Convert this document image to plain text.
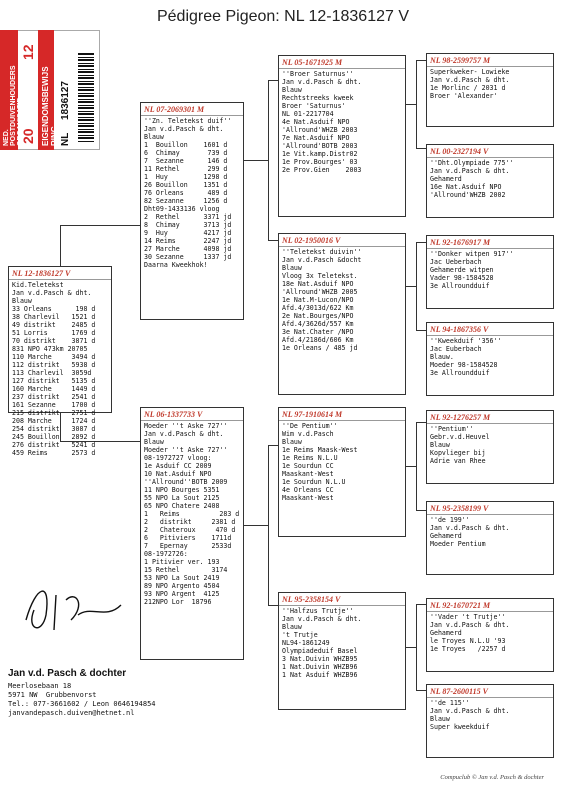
Pédigree Pigeon: NL 12-1836127 V
NED. POSTDUIVENHOUDERS ORGANISATIE EIGENDOMSBEWIJS RING
20
12
NL
1836127
NL 12-1836127 V
Kid.Teletekst
Jan v.d.Pasch & dht.
Blauw
33 Orleans      198 d
38 Charlevil   1521 d
49 distrikt    2485 d
51 Lorris      1769 d
70 distrikt    3871 d
831 NPO 473km 20705
110 Marche     3494 d
112 distrikt   5938 d
113 Charlevil  3059d
127 distrikt   5135 d
160 Marche     1449 d
237 distrikt   2541 d
161 Sezanne    1700 d
215 distrikt   2751 d
208 Marche     1724 d
254 distrikt   3087 d
245 Bouillon   2892 d
276 distrikt   5241 d
459 Reims      2573 d
NL 07-2069301 M
''Zn. Teletekst duif''
Jan v.d.Pasch & dht.
Blauw
1  Bouillon    1601 d
6  Chimay       739 d
7  Sezanne      146 d
11 Rethel       299 d
1  Huy         1298 d
26 Bouillon    1351 d
76 Orleans      489 d
82 Sezanne     1256 d
Dht09-1433136 vloog
2  Rethel      3371 jd
8  Chimay      3713 jd
9  Huy         4217 jd
14 Reims       2247 jd
27 Marche      4098 jd
30 Sezanne     1337 jd
Daarna Kweekhok!
NL 06-1337733 V
Moeder ''t Aske 727''
Jan v.d.Pasch & dht.
Blauw
Moeder ''t Aske 727''
08-1972727 vloog:
1e Asduif CC 2009
10 Nat.Asduif NPO
''Allround''BOTB 2009
11 NPO Bourges 5351
55 NPO La Sout 2125
65 NPO Chatere 2408
1   Reims          283 d
2   distrikt     2381 d
2   Chateroux     470 d
6   Pitiviers    1711d
7   Epernay      2533d
08-1972726:
1 Pitivier ver. 193
15 Rethel        3174
53 NPO La Sout 2419
89 NPO Argento 4504
93 NPO Argent  4125
212NPO Lor  18796
NL 05-1671925 M
''Broer Saturnus''
Jan v.d.Pasch & dht.
Blauw
Rechtstreeks kweek
Broer 'Saturnus'
NL 01-2217704
4e Nat.Asduif NPO
'Allround'WHZB 2003
7e Nat.Asduif NPO
'Allround'BOTB 2003
1e Vit.kamp.Distr02
1e Prov.Bourges' 03
2e Prov.Gien    2003
NL 02-1950016 V
''Teletekst duivin''
Jan v.d.Pasch &docht
Blauw
Vloog 3x Teletekst.
18e Nat.Asduif NPO
'Allround'WHZB 2005
1e Nat.M-Lucon/NPO
Afd.4/3013d/622 Km
2e Nat.Bourges/NPO
Afd.4/3626d/557 Km
3e Nat.Chater /NPO
Afd.4/2186d/606 Km
1e Orleans / 485 jd
NL 97-1910614 M
''De Pentium''
Wim v.d.Pasch
Blauw
1e Reims Maask-West
1e Reims N.L.U
1e Sourdun CC
Maaskant-West
1e Sourdun N.L.U
4e Orleans CC
Maaskant-West
NL 95-2358154 V
''Halfzus Trutje''
Jan v.d.Pasch & dht.
Blauw
't Trutje
NL94-1861249
Olympiadeduif Basel
3 Nat.Duivin WHZB95
1 Nat.Duivin WHZB96
1 Nat Asduif WHZB96
NL 98-2599757 M
Superkweker- Lowieke
Jan v.d.Pasch & dht.
1e Morlinc / 2031 d
Broer 'Alexander'
NL 00-2327194 V
''Dht.Olympiade 775''
Jan v.d.Pasch & dht.
Gehamerd
16e Nat.Asduif NPO
'Allround'WHZB 2002
NL 92-1676917 M
''Donker witpen 917''
Jac Ueberbach
Gehamerde witpen
Vader 98-1584528
3e Allroundduif
NL 94-1867356 V
''Kweekduif '356''
Jac Euberbach
Blauw.
Moeder 98-1584528
3e Allroundduif
NL 92-1276257 M
''Pentium''
Gebr.v.d.Heuvel
Blauw
Kopvlieger bij
Adrie van Rhee
NL 95-2358199 V
''de 199''
Jan v.d.Pasch & dht.
Gehamerd
Moeder Pentium
NL 92-1670721 M
''Vader 't Trutje''
Jan v.d.Pasch & dht.
Gehamerd
le Troyes N.L.U '93
1e Troyes   /2257 d
NL 87-2600115 V
''de 115''
Jan v.d.Pasch & dht.
Blauw
Super kweekduif
Jan v.d. Pasch & dochter
Meerlosebaan 18
5971 NW  Grubbenvorst
Tel.: 077-3661602 / Leon 0646194854
janvandepasch.duiven@hetnet.nl
Compuclub © Jan v.d. Pasch & dochter
